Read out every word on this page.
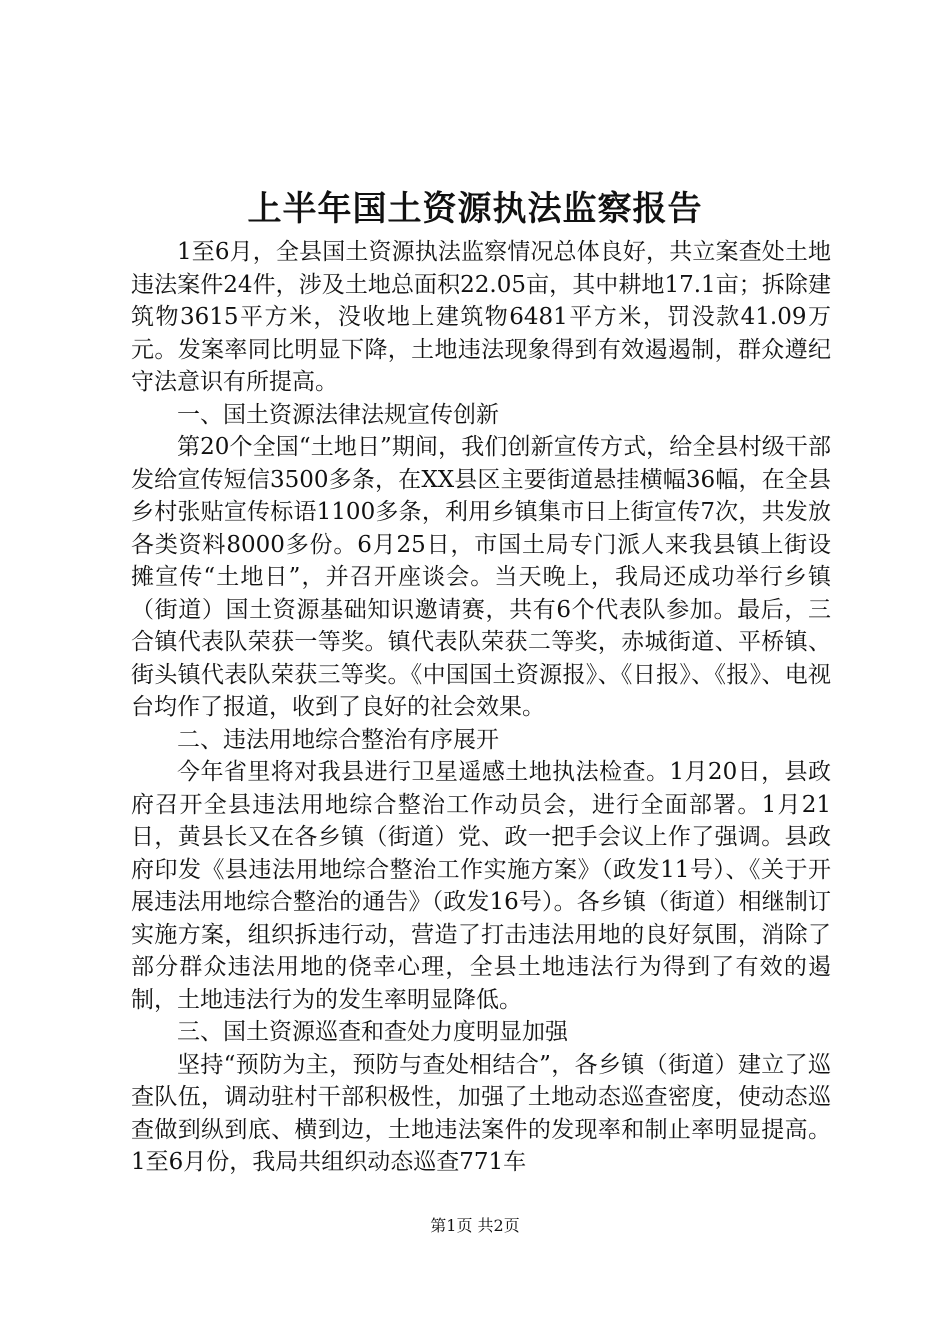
上半年国土资源执法监察报告

1至6月，全县国土资源执法监察情况总体良好，共立案查处土地违法案件24件，涉及土地总面积22.05亩，其中耕地17.1亩；拆除建筑物3615平方米，没收地上建筑物6481平方米，罚没款41.09万元。发案率同比明显下降，土地违法现象得到有效遏遏制，群众遵纪守法意识有所提高。

一、国土资源法律法规宣传创新

第20个全国“土地日”期间，我们创新宣传方式，给全县村级干部发给宣传短信3500多条，在XX县区主要街道悬挂横幅36幅，在全县乡村张贴宣传标语1100多条，利用乡镇集市日上街宣传7次，共发放各类资料8000多份。6月25日，市国土局专门派人来我县镇上街设摊宣传“土地日”，并召开座谈会。当天晚上，我局还成功举行乡镇（街道）国土资源基础知识邀请赛，共有6个代表队参加。最后，三合镇代表队荣获一等奖。镇代表队荣获二等奖，赤城街道、平桥镇、街头镇代表队荣获三等奖。《中国国土资源报》、《日报》、《报》、电视台均作了报道，收到了良好的社会效果。

二、违法用地综合整治有序展开

今年省里将对我县进行卫星遥感土地执法检查。1月20日，县政府召开全县违法用地综合整治工作动员会，进行全面部署。1月21日，黄县长又在各乡镇（街道）党、政一把手会议上作了强调。县政府印发《县违法用地综合整治工作实施方案》（政发11号）、《关于开展违法用地综合整治的通告》（政发16号）。各乡镇（街道）相继制订实施方案，组织拆违行动，营造了打击违法用地的良好氛围，消除了部分群众违法用地的侥幸心理，全县土地违法行为得到了有效的遏制，土地违法行为的发生率明显降低。

三、国土资源巡查和查处力度明显加强

坚持“预防为主，预防与查处相结合”，各乡镇（街道）建立了巡查队伍，调动驻村干部积极性，加强了土地动态巡查密度，使动态巡查做到纵到底、横到边，土地违法案件的发现率和制止率明显提高。1至6月份，我局共组织动态巡查771车

第1页 共2页
